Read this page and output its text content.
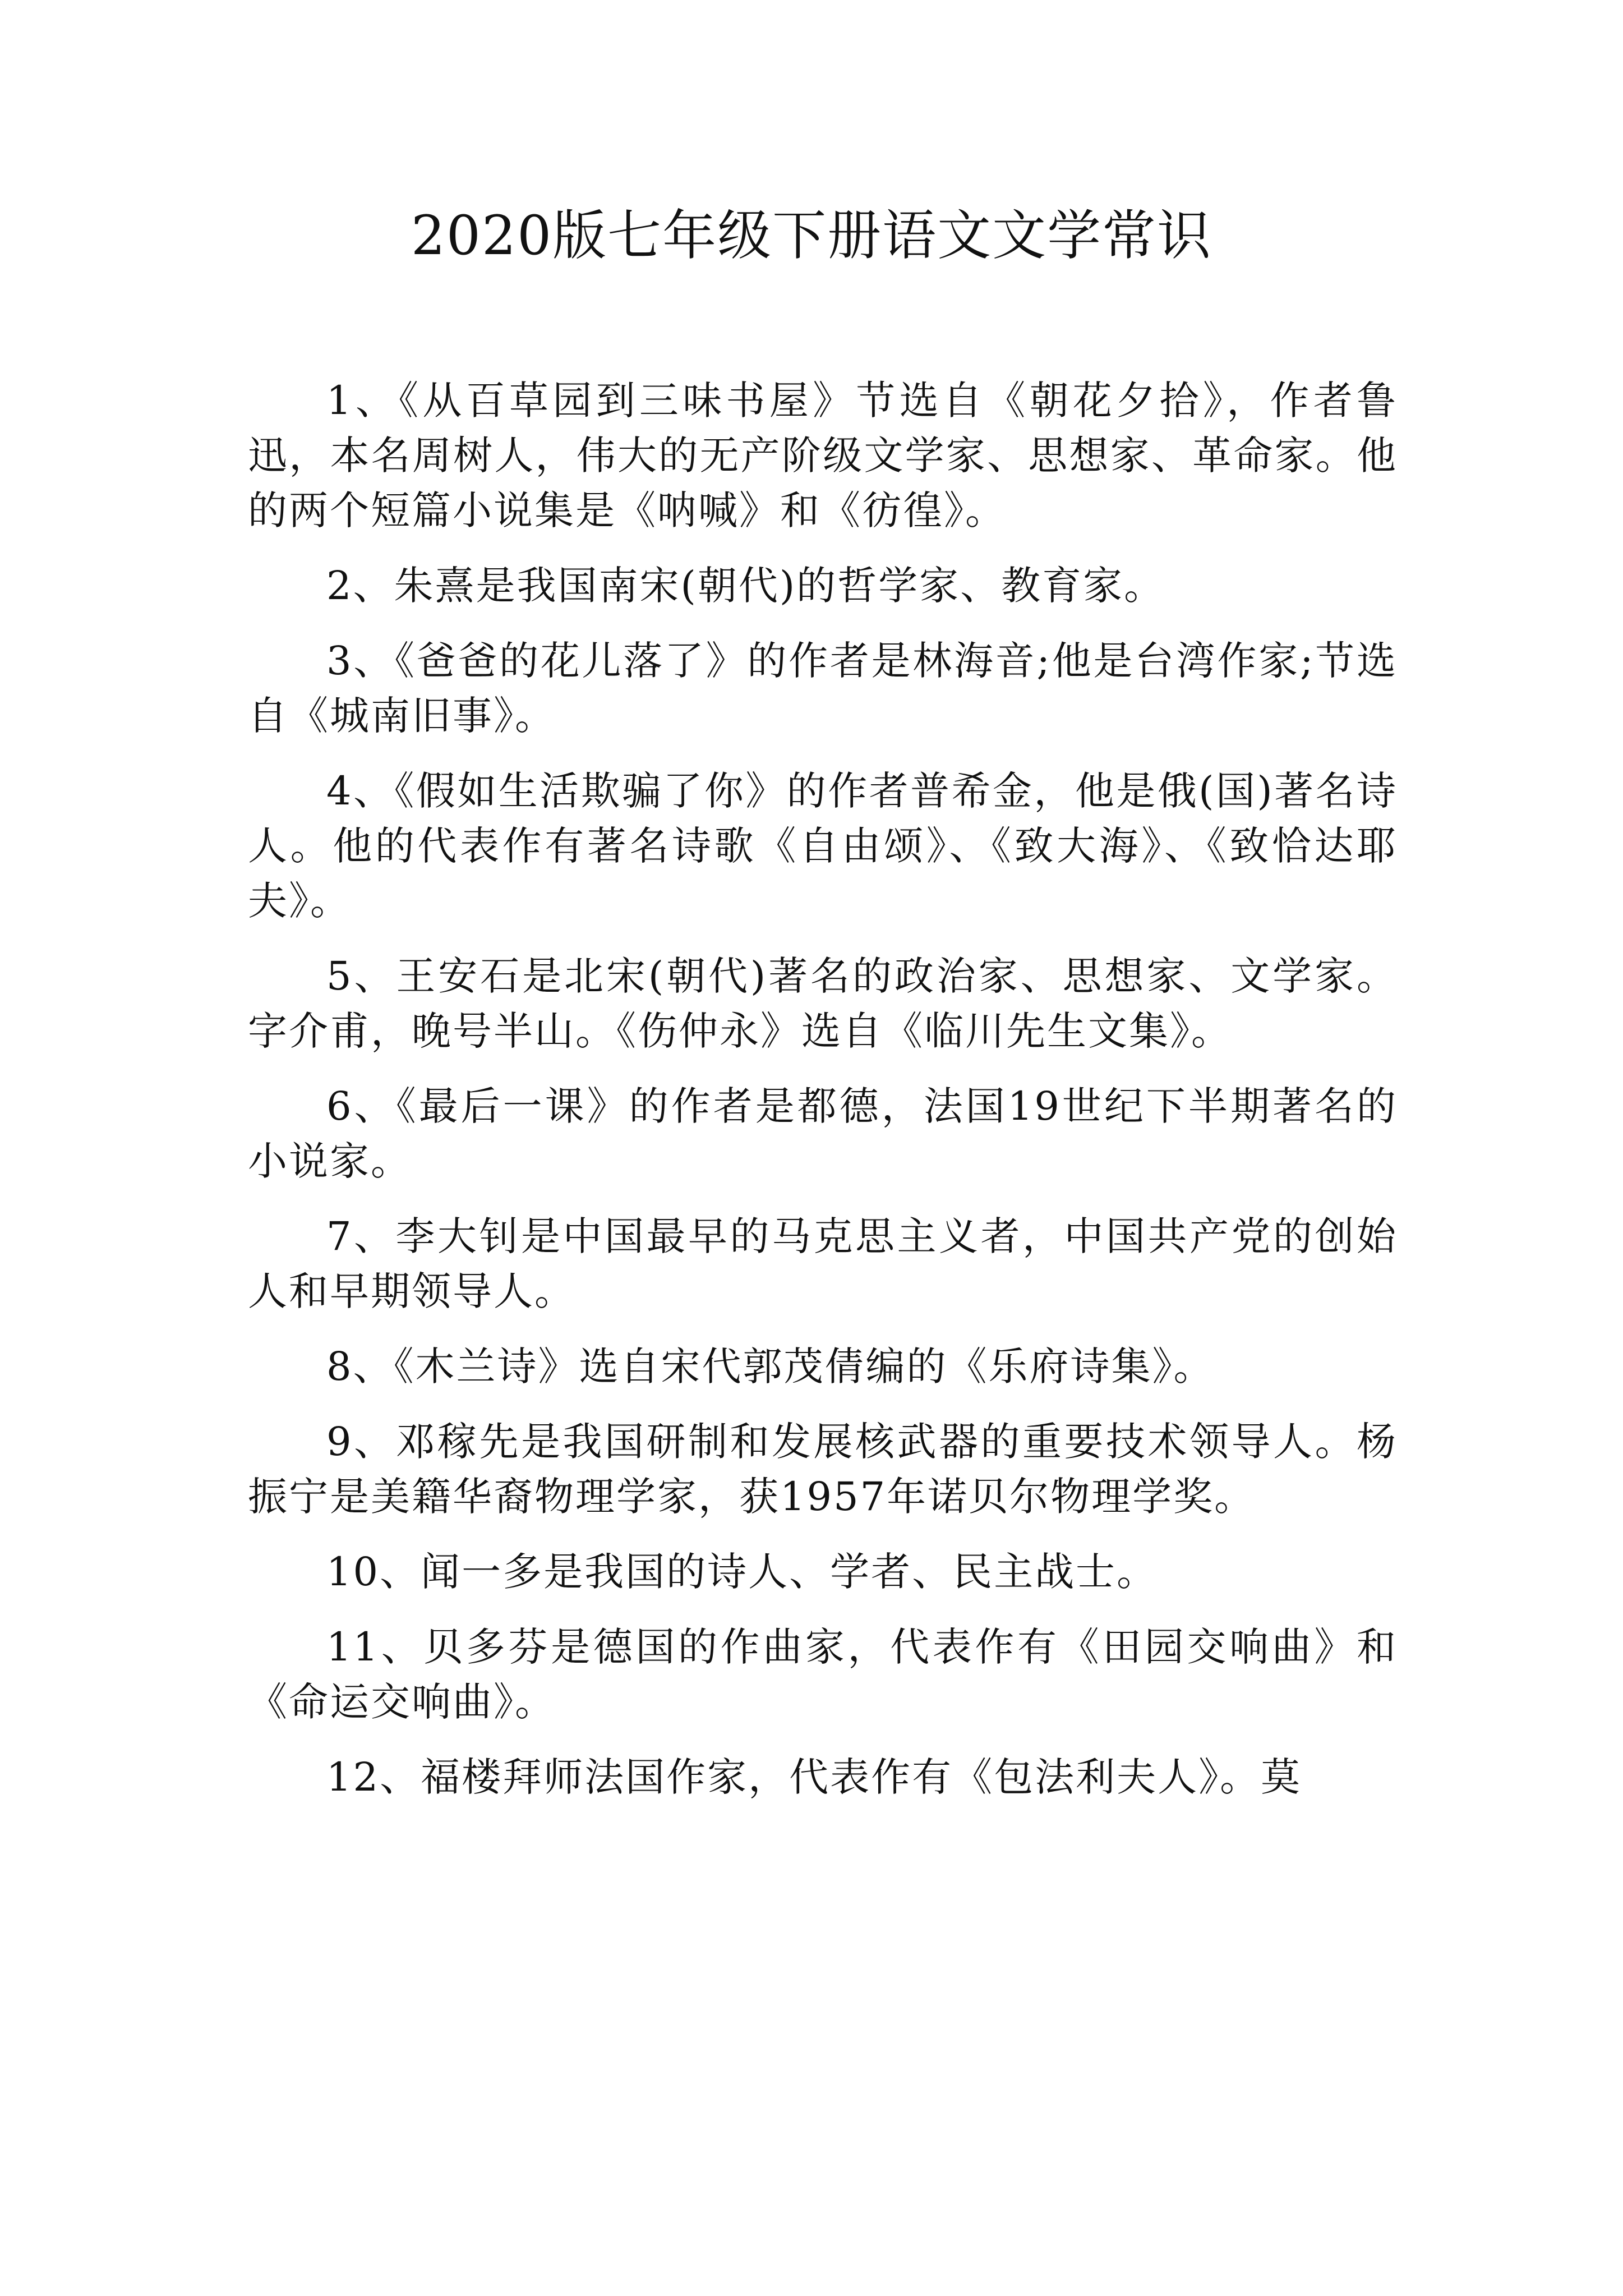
2020版七年级下册语文文学常识

1、《从百草园到三味书屋》节选自《朝花夕拾》，作者鲁迅，本名周树人，伟大的无产阶级文学家、思想家、革命家。他的两个短篇小说集是《呐喊》和《彷徨》。

2、朱熹是我国南宋(朝代)的哲学家、教育家。

3、《爸爸的花儿落了》的作者是林海音;他是台湾作家;节选自《城南旧事》。

4、《假如生活欺骗了你》的作者普希金，他是俄(国)著名诗人。他的代表作有著名诗歌《自由颂》、《致大海》、《致恰达耶夫》。

5、王安石是北宋(朝代)著名的政治家、思想家、文学家。字介甫，晚号半山。《伤仲永》选自《临川先生文集》。

6、《最后一课》的作者是都德，法国19世纪下半期著名的小说家。

7、李大钊是中国最早的马克思主义者，中国共产党的创始人和早期领导人。

8、《木兰诗》选自宋代郭茂倩编的《乐府诗集》。

9、邓稼先是我国研制和发展核武器的重要技术领导人。杨振宁是美籍华裔物理学家，获1957年诺贝尔物理学奖。

10、闻一多是我国的诗人、学者、民主战士。

11、贝多芬是德国的作曲家，代表作有《田园交响曲》和《命运交响曲》。

12、福楼拜师法国作家，代表作有《包法利夫人》。莫
